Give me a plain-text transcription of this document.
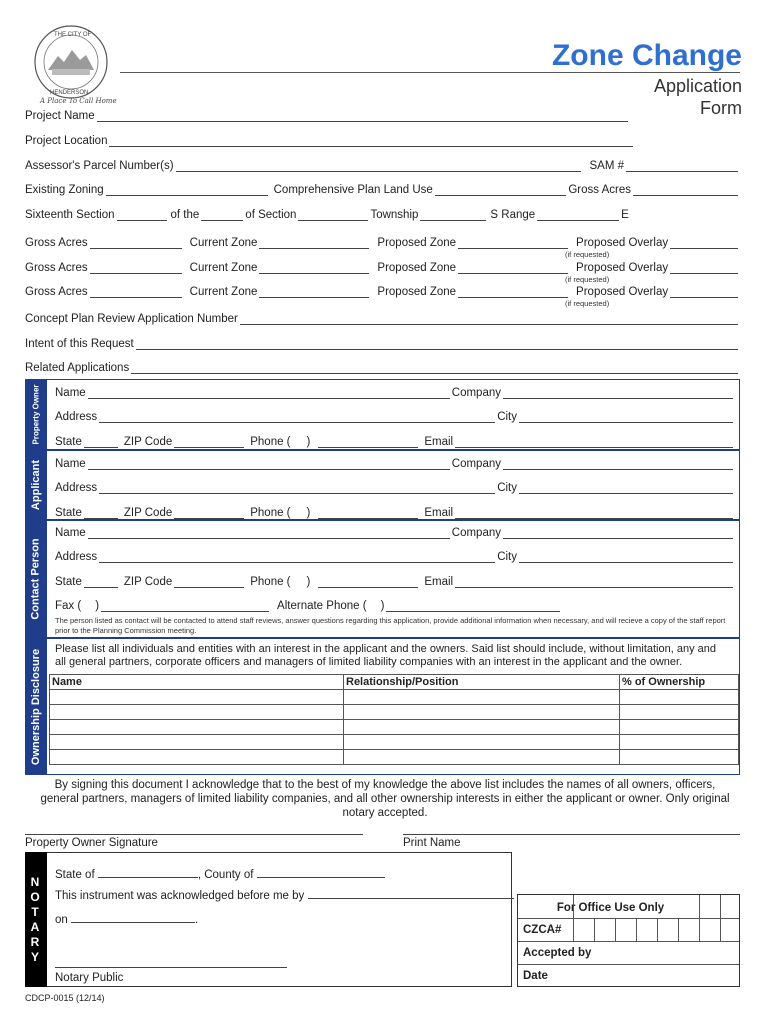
THE CITY OF
HENDERSON
A Place To Call Home
Zone Change
Application
Form
Project Name
Project Location
Assessor's Parcel Number(s)	SAM #
Existing Zoning	Comprehensive Plan Land Use	Gross Acres
Sixteenth Section	of the	of Section	Township	S Range	E
Gross Acres	Current Zone	Proposed Zone	Proposed Overlay
(if requested)
Gross Acres	Current Zone	Proposed Zone	Proposed Overlay
(if requested)
Gross Acres	Current Zone	Proposed Zone	Proposed Overlay
(if requested)
Concept Plan Review Application Number
Intent of this Request
Related Applications
Property Owner Name	Company
Address	City
State	ZIP Code	Phone ( )	Email
Applicant Name	Company
Address	City
State	ZIP Code	Phone ( )	Email
Contact Person
Name	Company
Address	City
State	ZIP Code	Phone ( )	Email
Fax ( )	Alternate Phone ( )
The person listed as contact will be contacted to attend staff reviews, answer questions regarding this application, provide additional information when necessary, and will recieve a copy of the staff report prior to the Planning Commission meeting.
Ownership Disclosure Please list all individuals and entities with an interest in the applicant and the owners. Said list should include, without limitation, any and all general partners, corporate officers and managers of limited liability companies with an interest in the applicant and the owner.
Name	Relationship/Position	% of Ownership

By signing this document I acknowledge that to the best of my knowledge the above list includes the names of all owners, officers, general partners, managers of limited liability companies, and all other ownership interests in either the applicant or owner. Only original notary accepted.
Property Owner Signature	Print Name
NOTARY
State of	, County of
This instrument was acknowledged before me by
on	.
Notary Public
For Office Use Only
CZCA#
Accepted by
Date
CDCP-0015 (12/14)
